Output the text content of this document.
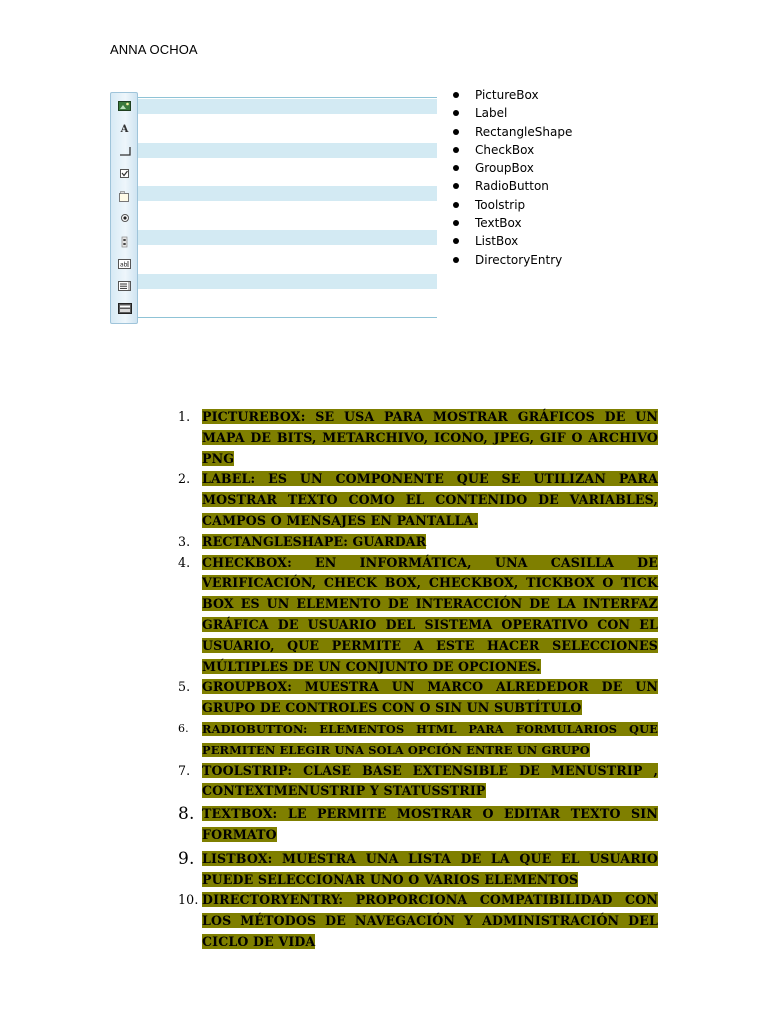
ANNA OCHOA
A
ab
PictureBox
Label
RectangleShape
CheckBox
GroupBox
RadioButton
Toolstrip
TextBox
ListBox
DirectoryEntry
1. PICTUREBOX: SE USA PARA MOSTRAR GRÁFICOS DE UN MAPA DE BITS, METARCHIVO, ICONO, JPEG, GIF O ARCHIVO PNG
2. LABEL: ES UN COMPONENTE QUE SE UTILIZAN PARA MOSTRAR TEXTO COMO EL CONTENIDO DE VARIABLES, CAMPOS O MENSAJES EN PANTALLA.
3. RECTANGLESHAPE: GUARDAR
4. CHECKBOX: EN INFORMÁTICA, UNA CASILLA DE VERIFICACIÓN, CHECK BOX, CHECKBOX, TICKBOX O TICK BOX ES UN ELEMENTO DE INTERACCIÓN DE LA INTERFAZ GRÁFICA DE USUARIO DEL SISTEMA OPERATIVO CON EL USUARIO, QUE PERMITE A ESTE HACER SELECCIONES MÚLTIPLES DE UN CONJUNTO DE OPCIONES.
5. GROUPBOX: MUESTRA UN MARCO ALREDEDOR DE UN GRUPO DE CONTROLES CON O SIN UN SUBTÍTULO
6.	RADIOBUTTON: ELEMENTOS HTML PARA FORMULARIOS QUE PERMITEN ELEGIR UNA SOLA OPCIÓN ENTRE UN GRUPO
7. TOOLSTRIP: CLASE BASE EXTENSIBLE DE MENUSTRIP , CONTEXTMENUSTRIP Y STATUSSTRIP
8. TEXTBOX: LE PERMITE MOSTRAR O EDITAR TEXTO SIN FORMATO
9. LISTBOX: MUESTRA UNA LISTA DE LA QUE EL USUARIO PUEDE SELECCIONAR UNO O VARIOS ELEMENTOS
10. DIRECTORYENTRY: PROPORCIONA COMPATIBILIDAD CON LOS MÉTODOS DE NAVEGACIÓN Y ADMINISTRACIÓN DEL CICLO DE VIDA
